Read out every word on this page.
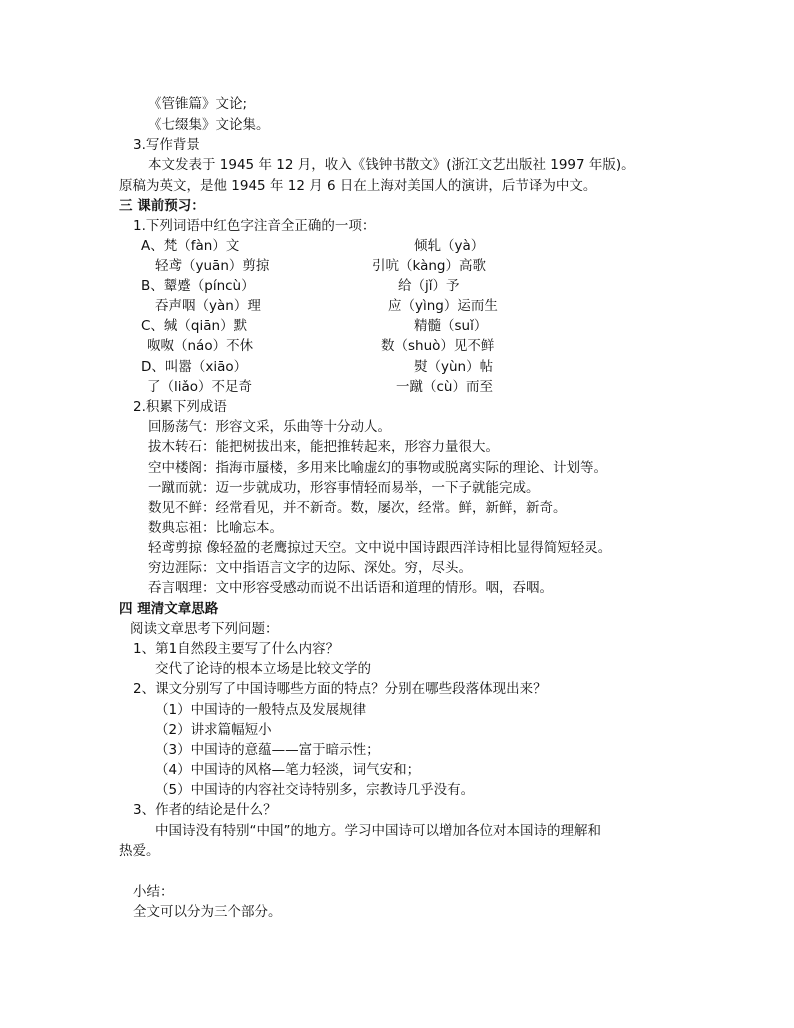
《管锥篇》文论;
《七缀集》文论集。
3.写作背景
本文发表于 1945 年 12 月，收入《钱钟书散文》(浙江文艺出版社 1997 年版)。
原稿为英文，是他 1945 年 12 月 6 日在上海对美国人的演讲，后节译为中文。
三 课前预习：
1.下列词语中红色字注音全正确的一项：
A、梵（fàn）文	倾轧（yà）
轻鸢（yuān）剪掠	引吭（kàng）高歌
B、颦蹙（píncù）	给（jǐ）予
吞声咽（yàn）理	应（yìng）运而生
C、缄（qiān）默	精髓（suǐ）
呶呶（náo）不休	数（shuò）见不鲜
D、叫嚣（xiāo）	熨（yùn）帖
了（liǎo）不足奇	一蹴（cù）而至
2.积累下列成语
回肠荡气：形容文采，乐曲等十分动人。
拔木转石：能把树拔出来，能把推转起来，形容力量很大。
空中楼阁：指海市蜃楼，多用来比喻虚幻的事物或脱离实际的理论、计划等。
一蹴而就：迈一步就成功，形容事情轻而易举，一下子就能完成。
数见不鲜：经常看见，并不新奇。数，屡次，经常。鲜，新鲜，新奇。
数典忘祖：比喻忘本。
轻鸢剪掠 像轻盈的老鹰掠过天空。文中说中国诗跟西洋诗相比显得简短轻灵。
穷边涯际：文中指语言文字的边际、深处。穷，尽头。
吞言咽理：文中形容受感动而说不出话语和道理的情形。咽，吞咽。
四 理清文章思路
阅读文章思考下列问题：
1、第1自然段主要写了什么内容？
交代了论诗的根本立场是比较文学的
2、课文分别写了中国诗哪些方面的特点？分别在哪些段落体现出来？
（1）中国诗的一般特点及发展规律
（2）讲求篇幅短小
（3）中国诗的意蕴——富于暗示性；
（4）中国诗的风格—笔力轻淡，词气安和；
（5）中国诗的内容社交诗特别多，宗教诗几乎没有。
3、作者的结论是什么？
中国诗没有特别“中国”的地方。学习中国诗可以增加各位对本国诗的理解和
热爱。
小结：
全文可以分为三个部分。
